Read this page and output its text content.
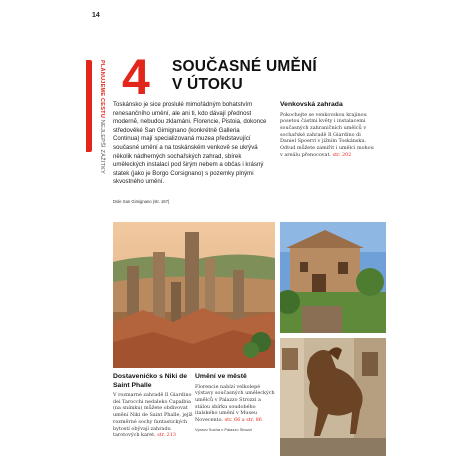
14
PLÁNUJEME CESTU NEJLEPŠÍ ZÁŽITKY
4 SOUČASNÉ UMĚNÍ
V ÚTOKU
Toskánsko je sice proslulé mimořádným bohatstvím renesančního umění, ale ani ti, kdo dávají přednost modernĕ, nebudou zklamáni. Florencie, Pistoia, dokonce středověké San Gimignano (konkrétně Galleria Continua) mají specializovaná muzea představující současné umění a na toskánském venkově se ukrývá několik nádherných sochařských zahrad, sbírek uměleckých instalací pod širým nebem a občas i krásný statek (jako je Borgo Corsignano) s pozemky plnými skvostného umění.
Dole San Gimignano (str. 167)
Venkovská zahrada
Pokochejte se venkovskou krajinou posetou částmi květy i instalacemi současných zahraničních umělců v sochařské zahradě Il Giardino di Daniel Spoerri v jižním Toskánsku. Odtud můžete zamířit i umělci mohou v areálu přenocovat. str. 202
Dostavenićko s Niki de Saint Phalle
V rozmarné zahradě Il Giardino dei Tarocchi nedaleko Capalbia (na snímku) můžete obdivovat umění Niki de Saint Phalle, jejíž rozměrné sochy fantastických bytostí obývají zahradu tarotových karet. str. 213
Umění ve městě
Florencie nabízí velkolepé výstavy současných uměleckých umělců v Palazzo Strozzi a stálou sbírku soudobého italského umění v Museu Novecento. str. 66 a str. 86
Vpravo Socha v Palazzo Strozzi
